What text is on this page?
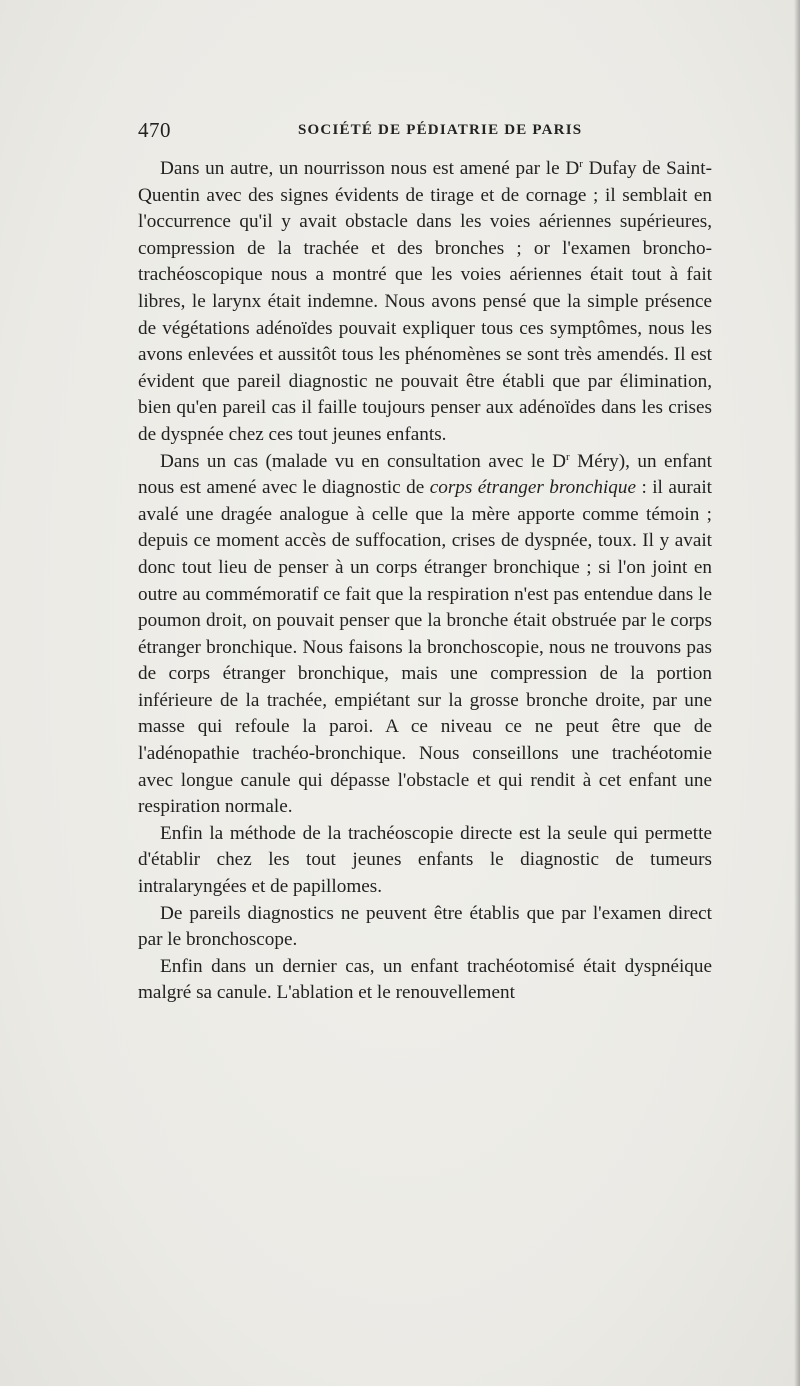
470	SOCIÉTÉ DE PÉDIATRIE DE PARIS

Dans un autre, un nourrisson nous est amené par le $D^r$ Dufay de Saint-Quentin avec des signes évidents de tirage et de cornage ; il semblait en l'occurrence qu'il y avait obstacle dans les voies aériennes supérieures, compression de la trachée et des bronches ; or l'examen broncho-trachéoscopique nous a montré que les voies aériennes était tout à fait libres, le larynx était indemne. Nous avons pensé que la simple présence de végétations adénoïdes pouvait expliquer tous ces symptômes, nous les avons enlevées et aussitôt tous les phénomènes se sont très amendés. Il est évident que pareil diagnostic ne pouvait être établi que par élimination, bien qu'en pareil cas il faille toujours penser aux adénoïdes dans les crises de dyspnée chez ces tout jeunes enfants.

Dans un cas (malade vu en consultation avec le $D^r$ Méry), un enfant nous est amené avec le diagnostic de corps étranger bronchique : il aurait avalé une dragée analogue à celle que la mère apporte comme témoin ; depuis ce moment accès de suffocation, crises de dyspnée, toux. Il y avait donc tout lieu de penser à un corps étranger bronchique ; si l'on joint en outre au commémoratif ce fait que la respiration n'est pas entendue dans le poumon droit, on pouvait penser que la bronche était obstruée par le corps étranger bronchique. Nous faisons la bronchoscopie, nous ne trouvons pas de corps étranger bronchique, mais une compression de la portion inférieure de la trachée, empiétant sur la grosse bronche droite, par une masse qui refoule la paroi. A ce niveau ce ne peut être que de l'adénopathie trachéo-bronchique. Nous conseillons une trachéotomie avec longue canule qui dépasse l'obstacle et qui rendit à cet enfant une respiration normale.

Enfin la méthode de la trachéoscopie directe est la seule qui permette d'établir chez les tout jeunes enfants le diagnostic de tumeurs intralaryngées et de papillomes.

De pareils diagnostics ne peuvent être établis que par l'examen direct par le bronchoscope.

Enfin dans un dernier cas, un enfant trachéotomisé était dyspnéique malgré sa canule. L'ablation et le renouvellement
